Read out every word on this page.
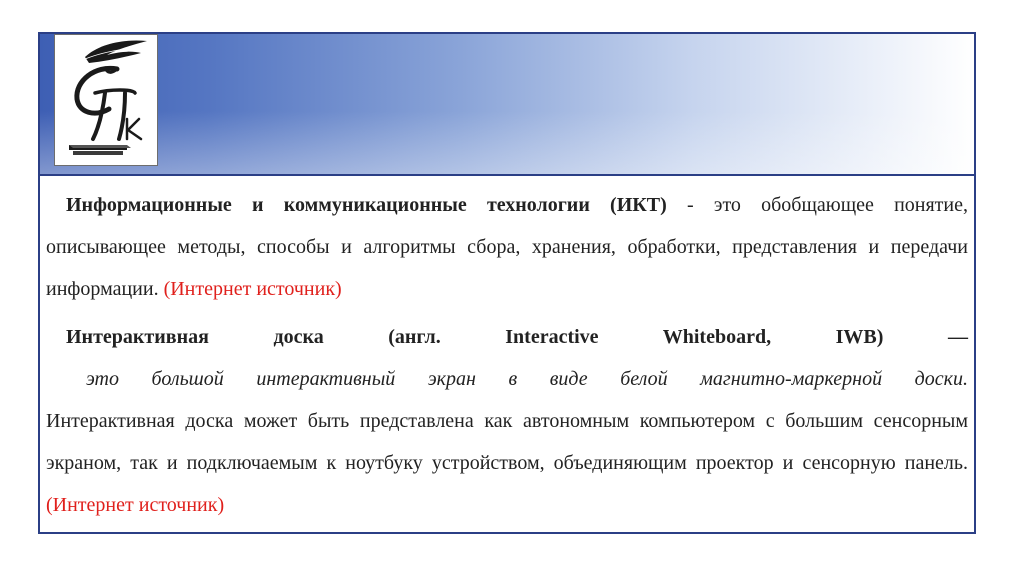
Информационные и коммуникационные технологии (ИКТ) - это обобщающее понятие, описывающее методы, способы и алгоритмы сбора, хранения, обработки, представления и передачи информации. (Интернет источник)

Интерактивная доска (англ. Interactive Whiteboard, IWB) —
это большой интерактивный экран в виде белой магнитно-маркерной доски.

Интерактивная доска может быть представлена как автономным компьютером с большим сенсорным экраном, так и подключаемым к ноутбуку устройством, объединяющим проектор и сенсорную панель. (Интернет источник)
